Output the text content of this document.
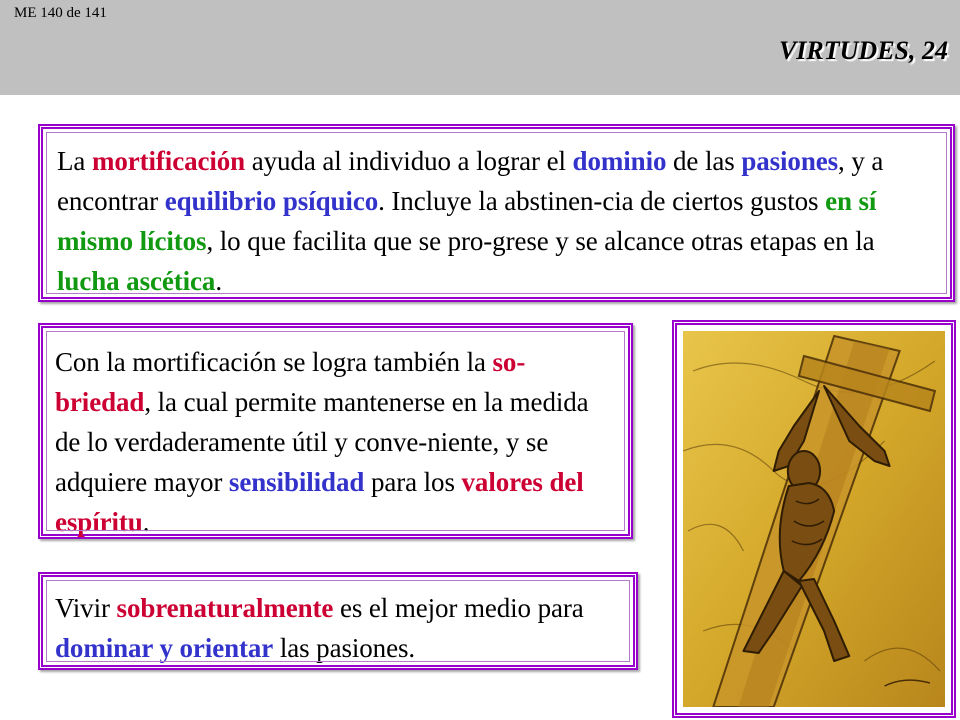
ME 140 de 141
VIRTUDES, 24

La mortificación ayuda al individuo a lograr el dominio de las pasiones, y a encontrar equilibrio psíquico. Incluye la abstinen-cia de ciertos gustos en sí mismo lícitos, lo que facilita que se pro-grese y se alcance otras etapas en la lucha ascética.

Con la mortificación se logra también la so-briedad, la cual permite mantenerse en la medida de lo verdaderamente útil y conve-niente, y se adquiere mayor sensibilidad para los valores del espíritu.

Vivir sobrenaturalmente es el mejor medio para dominar y orientar las pasiones.
